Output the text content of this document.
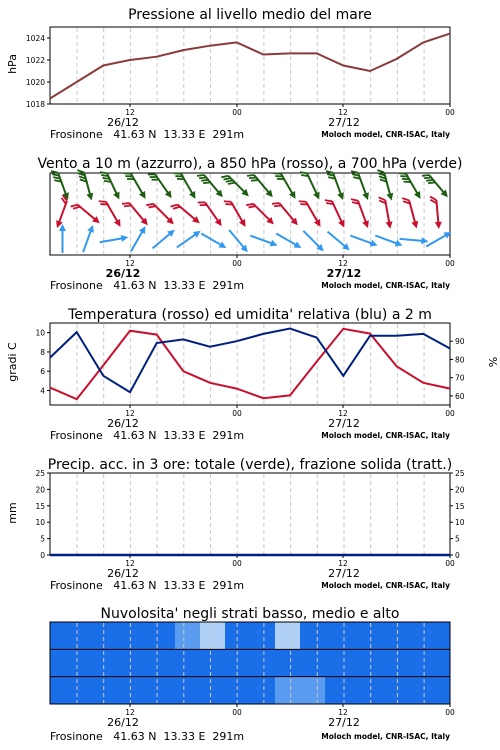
Pressione al livello medio del mare
Vento a 10 m (azzurro), a 850 hPa (rosso), a 700 hPa (verde)
Temperatura (rosso) ed umidita' relativa (blu) a 2 m
Precip. acc. in 3 ore: totale (verde), frazione solida (tratt.)
Nuvolosita' negli strati basso, medio e alto
hPa
gradi C	%
mm
Frosinone   41.63 N  13.33 E  291m	Moloch model, CNR-ISAC, Italy
Frosinone   41.63 N  13.33 E  291m	Moloch model, CNR-ISAC, Italy
Frosinone   41.63 N  13.33 E  291m	Moloch model, CNR-ISAC, Italy
Frosinone   41.63 N  13.33 E  291m	Moloch model, CNR-ISAC, Italy
Frosinone   41.63 N  13.33 E  291m	Moloch model, CNR-ISAC, Italy
1018
1020
1022
1024
12	00	12	00
26/12	27/12
12	00	12	00
26/12	27/12
4
6
8
10
60
70
80
90
12	00	12	00
26/12	27/12
0
5
10
15
20
25
0
5
10
15
20
25
12	00	12	00
26/12	27/12
12	00	12	00
26/12	27/12
